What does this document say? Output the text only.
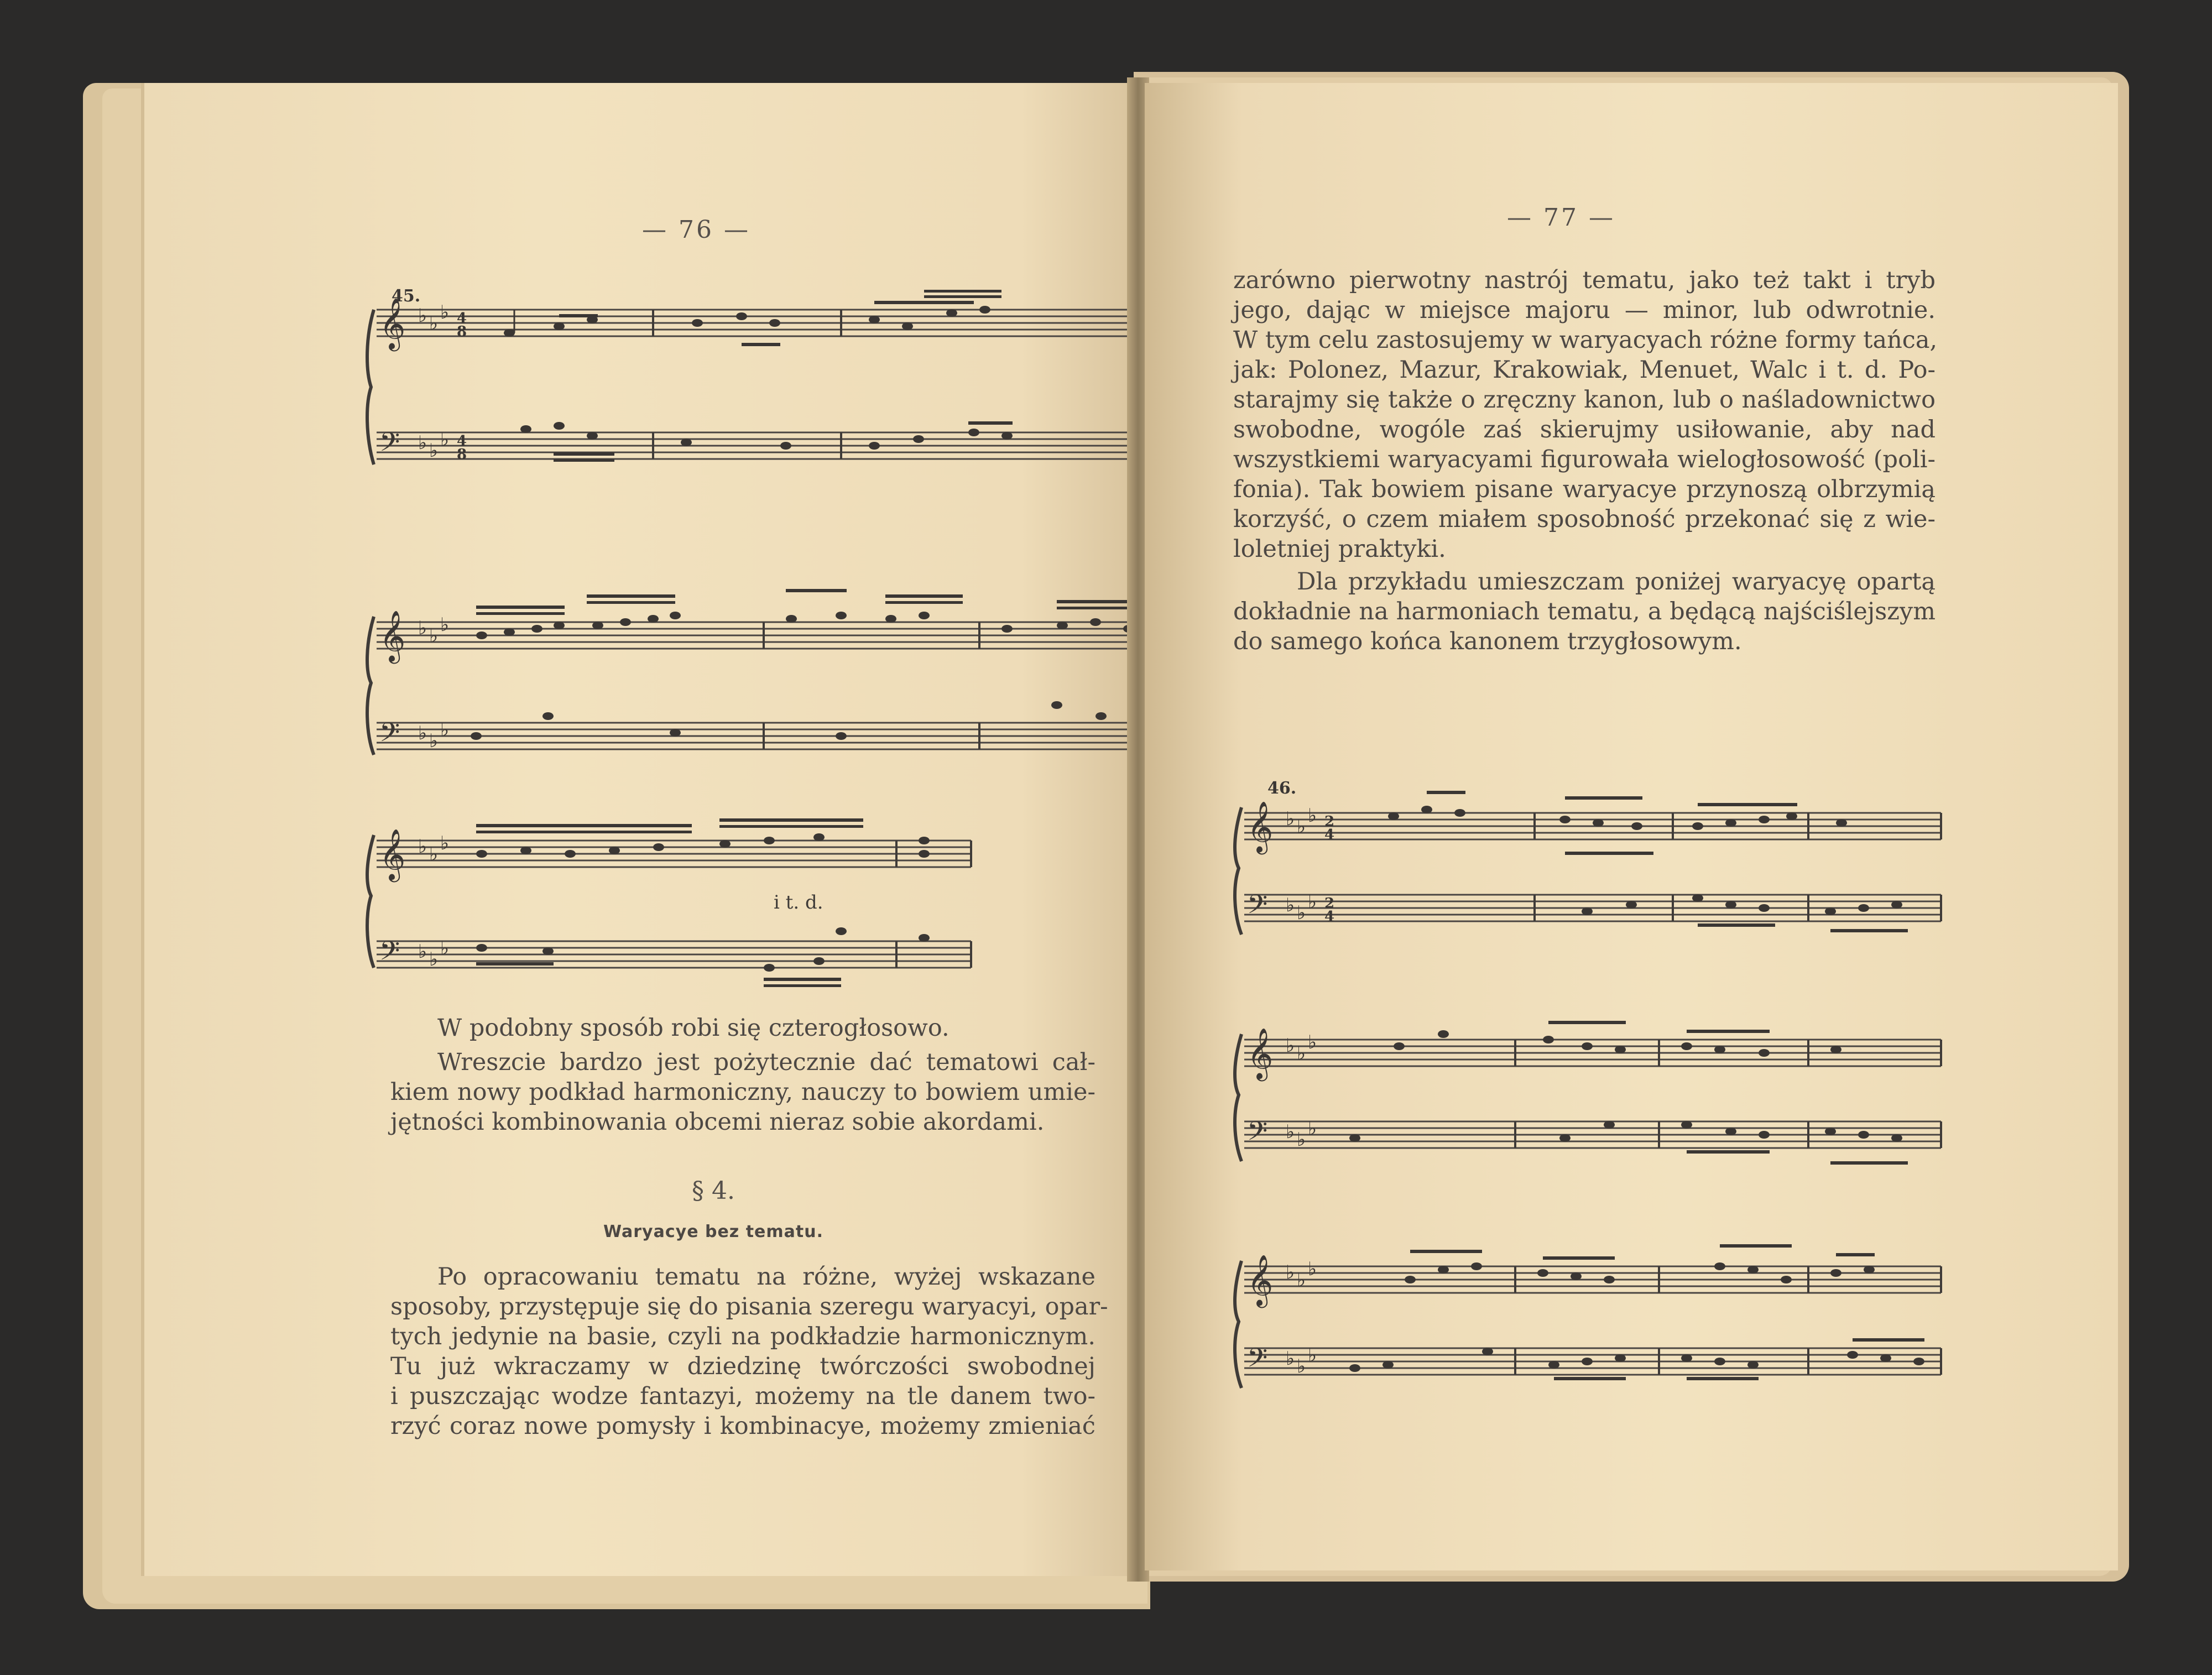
— 76 —
45.
𝄞 ♭ ♭ ♭ 4
8
𝄢 ♭ ♭ ♭ 4
8
𝄞 ♭ ♭ ♭
𝄢 ♭ ♭ ♭
𝄞 ♭ ♭ ♭
𝄢 ♭ ♭ ♭
i t. d.
W podobny sposób robi się czterogłosowo.
Wreszcie bardzo jest pożytecznie dać tematowi cał-
kiem nowy podkład harmoniczny, nauczy to bowiem umie-
jętności kombinowania obcemi nieraz sobie akordami.
§ 4.
Waryacye bez tematu.
Po opracowaniu tematu na różne, wyżej wskazane
sposoby, przystępuje się do pisania szeregu waryacyi, opar-
tych jedynie na basie, czyli na podkładzie harmonicznym.
Tu już wkraczamy w dziedzinę twórczości swobodnej
i puszczając wodze fantazyi, możemy na tle danem two-
rzyć coraz nowe pomysły i kombinacye, możemy zmieniać
— 77 —
zarówno pierwotny nastrój tematu, jako też takt i tryb
jego, dając w miejsce majoru — minor, lub odwrotnie.
W tym celu zastosujemy w waryacyach różne formy tańca,
jak: Polonez, Mazur, Krakowiak, Menuet, Walc i t. d. Po-
starajmy się także o zręczny kanon, lub o naśladownictwo
swobodne, wogóle zaś skierujmy usiłowanie, aby nad
wszystkiemi waryacyami figurowała wielogłosowość (poli-
fonia). Tak bowiem pisane waryacye przynoszą olbrzymią
korzyść, o czem miałem sposobność przekonać się z wie-
loletniej praktyki.
Dla przykładu umieszczam poniżej waryacyę opartą
dokładnie na harmoniach tematu, a będącą najściślejszym
do samego końca kanonem trzygłosowym.
46.
𝄞 ♭ ♭ ♭ 2
4
𝄢 ♭ ♭ ♭ 2
4
𝄞 ♭ ♭ ♭
𝄢 ♭ ♭ ♭
𝄞 ♭ ♭ ♭
𝄢 ♭ ♭ ♭
